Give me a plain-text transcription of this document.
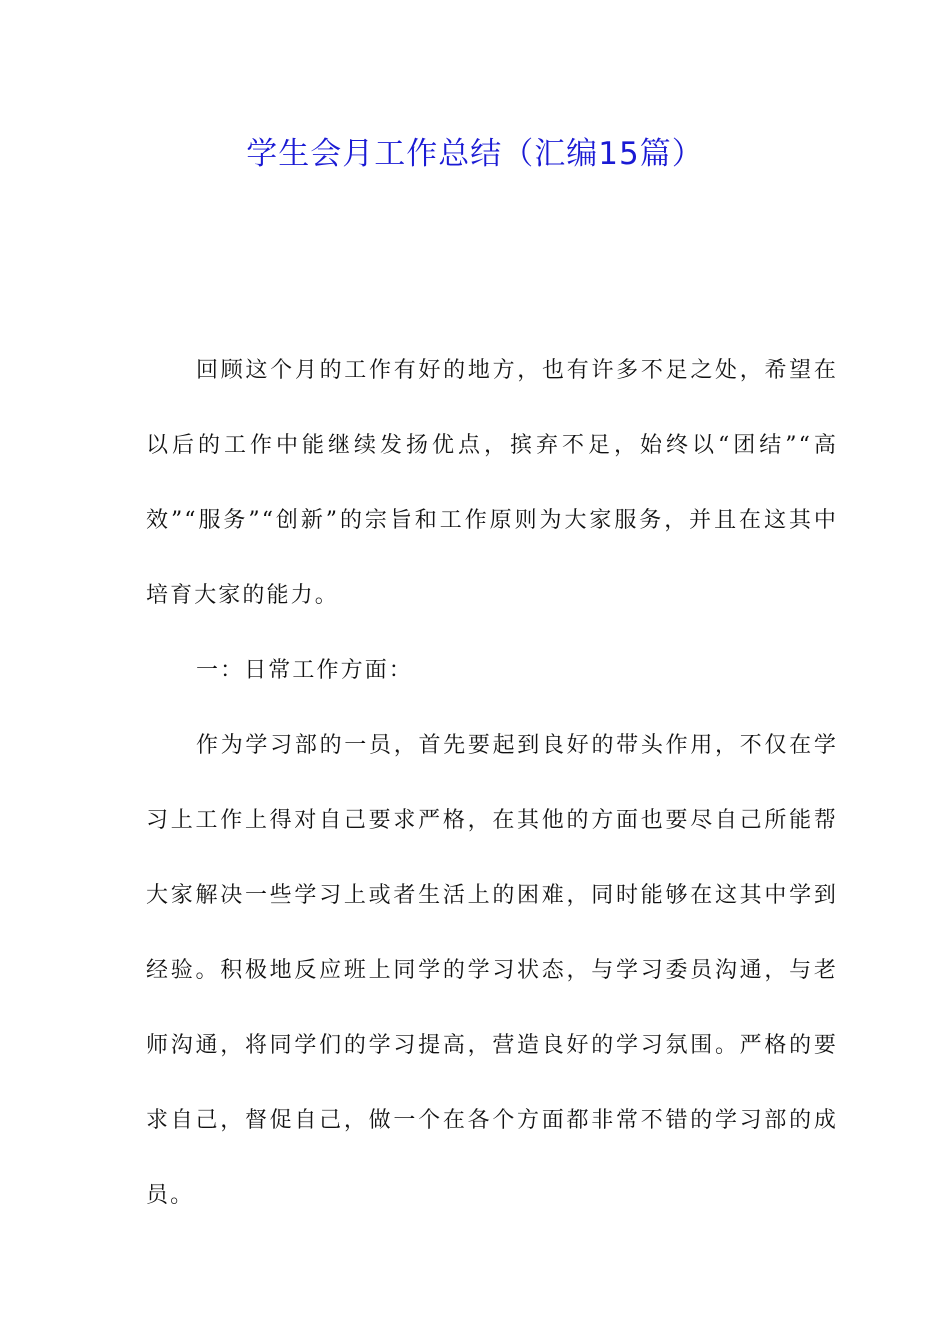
学生会月工作总结（汇编15篇）

回顾这个月的工作有好的地方，也有许多不足之处，希望在以后的工作中能继续发扬优点，摈弃不足，始终以“团结”“高效”“服务”“创新”的宗旨和工作原则为大家服务，并且在这其中培育大家的能力。

一：日常工作方面：

作为学习部的一员，首先要起到良好的带头作用，不仅在学习上工作上得对自己要求严格，在其他的方面也要尽自己所能帮大家解决一些学习上或者生活上的困难，同时能够在这其中学到经验。积极地反应班上同学的学习状态，与学习委员沟通，与老师沟通，将同学们的学习提高，营造良好的学习氛围。严格的要求自己，督促自己，做一个在各个方面都非常不错的学习部的成员。
